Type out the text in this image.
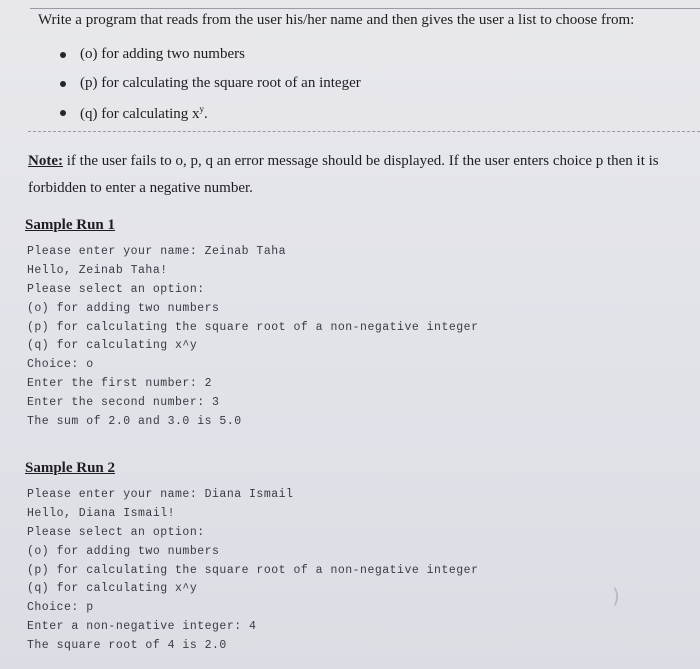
Write a program that reads from the user his/her name and then gives the user a list to choose from:
(o) for adding two numbers
(p) for calculating the square root of an integer
(q) for calculating $x^y$.
Note: if the user fails to o, p, q an error message should be displayed. If the user enters choice p then it is forbidden to enter a negative number.
Sample Run 1
Please enter your name: Zeinab Taha
Hello, Zeinab Taha!
Please select an option:
(o) for adding two numbers
(p) for calculating the square root of a non-negative integer
(q) for calculating x^y
Choice: o
Enter the first number: 2
Enter the second number: 3
The sum of 2.0 and 3.0 is 5.0
Sample Run 2
Please enter your name: Diana Ismail
Hello, Diana Ismail!
Please select an option:
(o) for adding two numbers
(p) for calculating the square root of a non-negative integer
(q) for calculating x^y
Choice: p
Enter a non-negative integer: 4
The square root of 4 is 2.0
)
